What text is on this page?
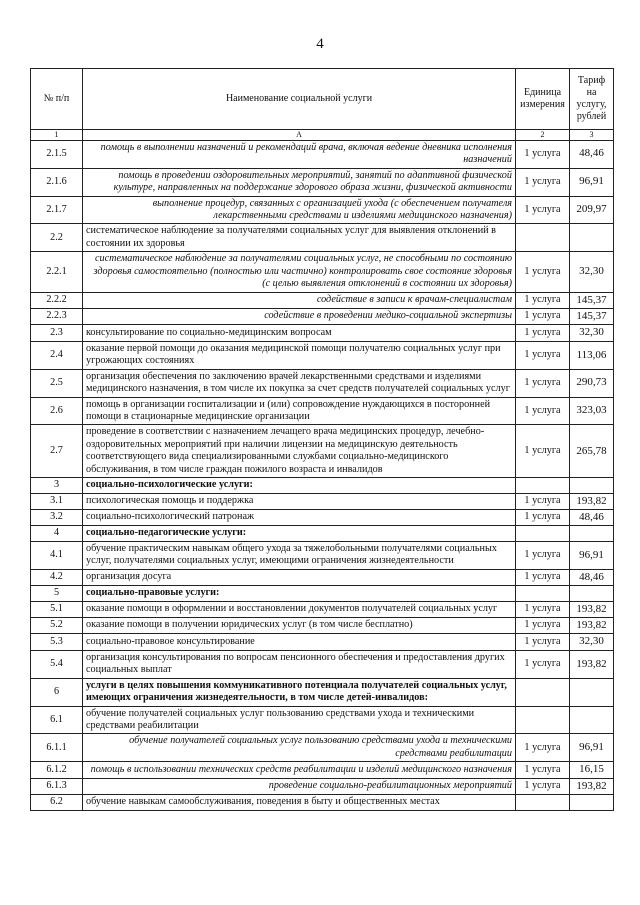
4
№ п/п	Наименование социальной услуги	Единица измерения	Тариф на услугу, рублей
1	А	2	3
2.1.5	помощь в выполнении назначений и рекомендаций врача, включая ведение дневника исполнения назначений	1 услуга	48,46
2.1.6	помощь в проведении оздоровительных мероприятий, занятий по адаптивной физической культуре, направленных на поддержание здорового образа жизни, физической активности	1 услуга	96,91
2.1.7	выполнение процедур, связанных с организацией ухода (с обеспечением получателя лекарственными средствами и изделиями медицинского назначения)	1 услуга	209,97
2.2	систематическое наблюдение за получателями социальных услуг для выявления отклонений в состоянии их здоровья		
2.2.1	систематическое наблюдение за получателями социальных услуг, не способными по состоянию здоровья самостоятельно (полностью или частично) контролировать свое состояние здоровья (с целью выявления отклонений в состоянии их здоровья)	1 услуга	32,30
2.2.2	содействие в записи к врачам-специалистам	1 услуга	145,37
2.2.3	содействие в проведении медико-социальной экспертизы	1 услуга	145,37
2.3	консультирование по социально-медицинским вопросам	1 услуга	32,30
2.4	оказание первой помощи до оказания медицинской помощи получателю социальных услуг при угрожающих состояниях	1 услуга	113,06
2.5	организация обеспечения по заключению врачей лекарственными средствами и изделиями медицинского назначения, в том числе их покупка за счет средств получателей социальных услуг	1 услуга	290,73
2.6	помощь в организации госпитализации и (или) сопровождение нуждающихся в посторонней помощи в стационарные медицинские организации	1 услуга	323,03
2.7	проведение в соответствии с назначением лечащего врача медицинских процедур, лечебно-оздоровительных мероприятий при наличии лицензии на медицинскую деятельность соответствующего вида специализированными службами социально-медицинского обслуживания, в том числе граждан пожилого возраста и инвалидов	1 услуга	265,78
3	социально-психологические услуги:		
3.1	психологическая помощь и поддержка	1 услуга	193,82
3.2	социально-психологический патронаж	1 услуга	48,46
4	социально-педагогические услуги:		
4.1	обучение практическим навыкам общего ухода за тяжелобольными получателями социальных услуг, получателями социальных услуг, имеющими ограничения жизнедеятельности	1 услуга	96,91
4.2	организация досуга	1 услуга	48,46
5	социально-правовые услуги:		
5.1	оказание помощи в оформлении и восстановлении документов получателей социальных услуг	1 услуга	193,82
5.2	оказание помощи в получении юридических услуг (в том числе бесплатно)	1 услуга	193,82
5.3	социально-правовое консультирование	1 услуга	32,30
5.4	организация консультирования по вопросам пенсионного обеспечения и предоставления других социальных выплат	1 услуга	193,82
6	услуги в целях повышения коммуникативного потенциала получателей социальных услуг, имеющих ограничения жизнедеятельности, в том числе детей-инвалидов:		
6.1	обучение получателей социальных услуг пользованию средствами ухода и техническими средствами реабилитации		
6.1.1	обучение получателей социальных услуг пользованию средствами ухода и техническими средствами реабилитации	1 услуга	96,91
6.1.2	помощь в использовании технических средств реабилитации и изделий медицинского назначения	1 услуга	16,15
6.1.3	проведение социально-реабилитационных мероприятий	1 услуга	193,82
6.2	обучение навыкам самообслуживания, поведения в быту и общественных местах		
